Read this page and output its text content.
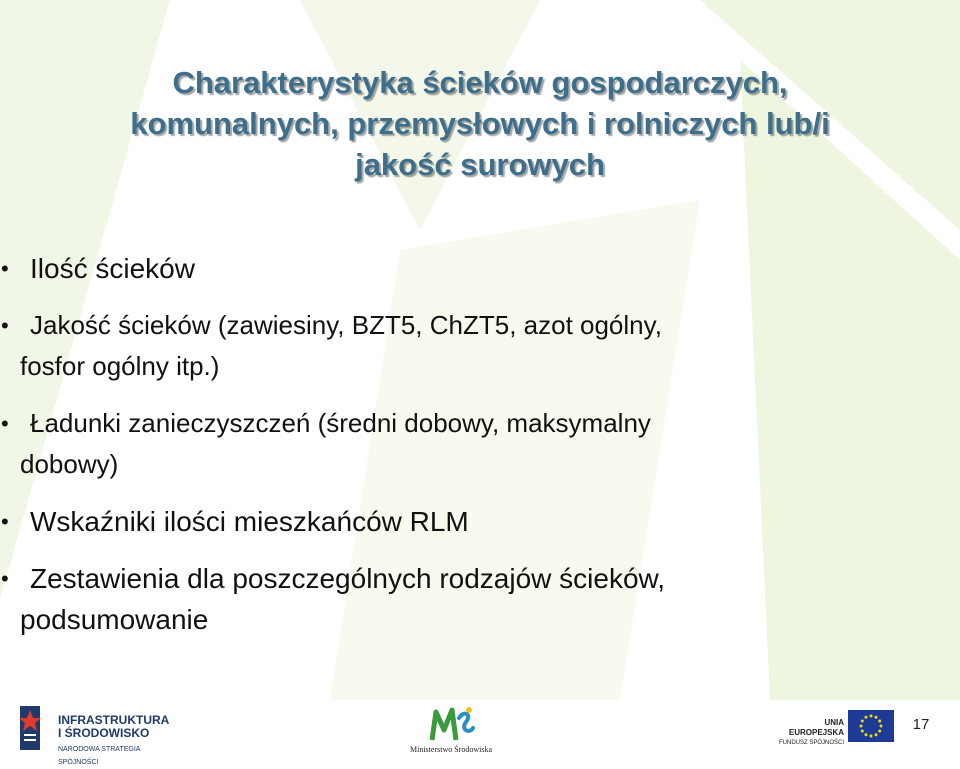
Charakterystyka ścieków gospodarczych,
komunalnych, przemysłowych i rolniczych lub/i
jakość surowych
• Ilość ścieków
• Jakość ścieków (zawiesiny, BZT5, ChZT5, azot ogólny,
fosfor ogólny itp.)
• Ładunki zanieczyszczeń (średni dobowy, maksymalny
dobowy)
• Wskaźniki ilości mieszkańców RLM
• Zestawienia dla poszczególnych rodzajów ścieków,
podsumowanie
INFRASTRUKTURA
I ŚRODOWISKO
NARODOWA STRATEGIA SPÓJNOŚCI
Ministerstwo Środowiska
UNIA EUROPEJSKA
FUNDUSZ SPÓJNOŚCI
17
